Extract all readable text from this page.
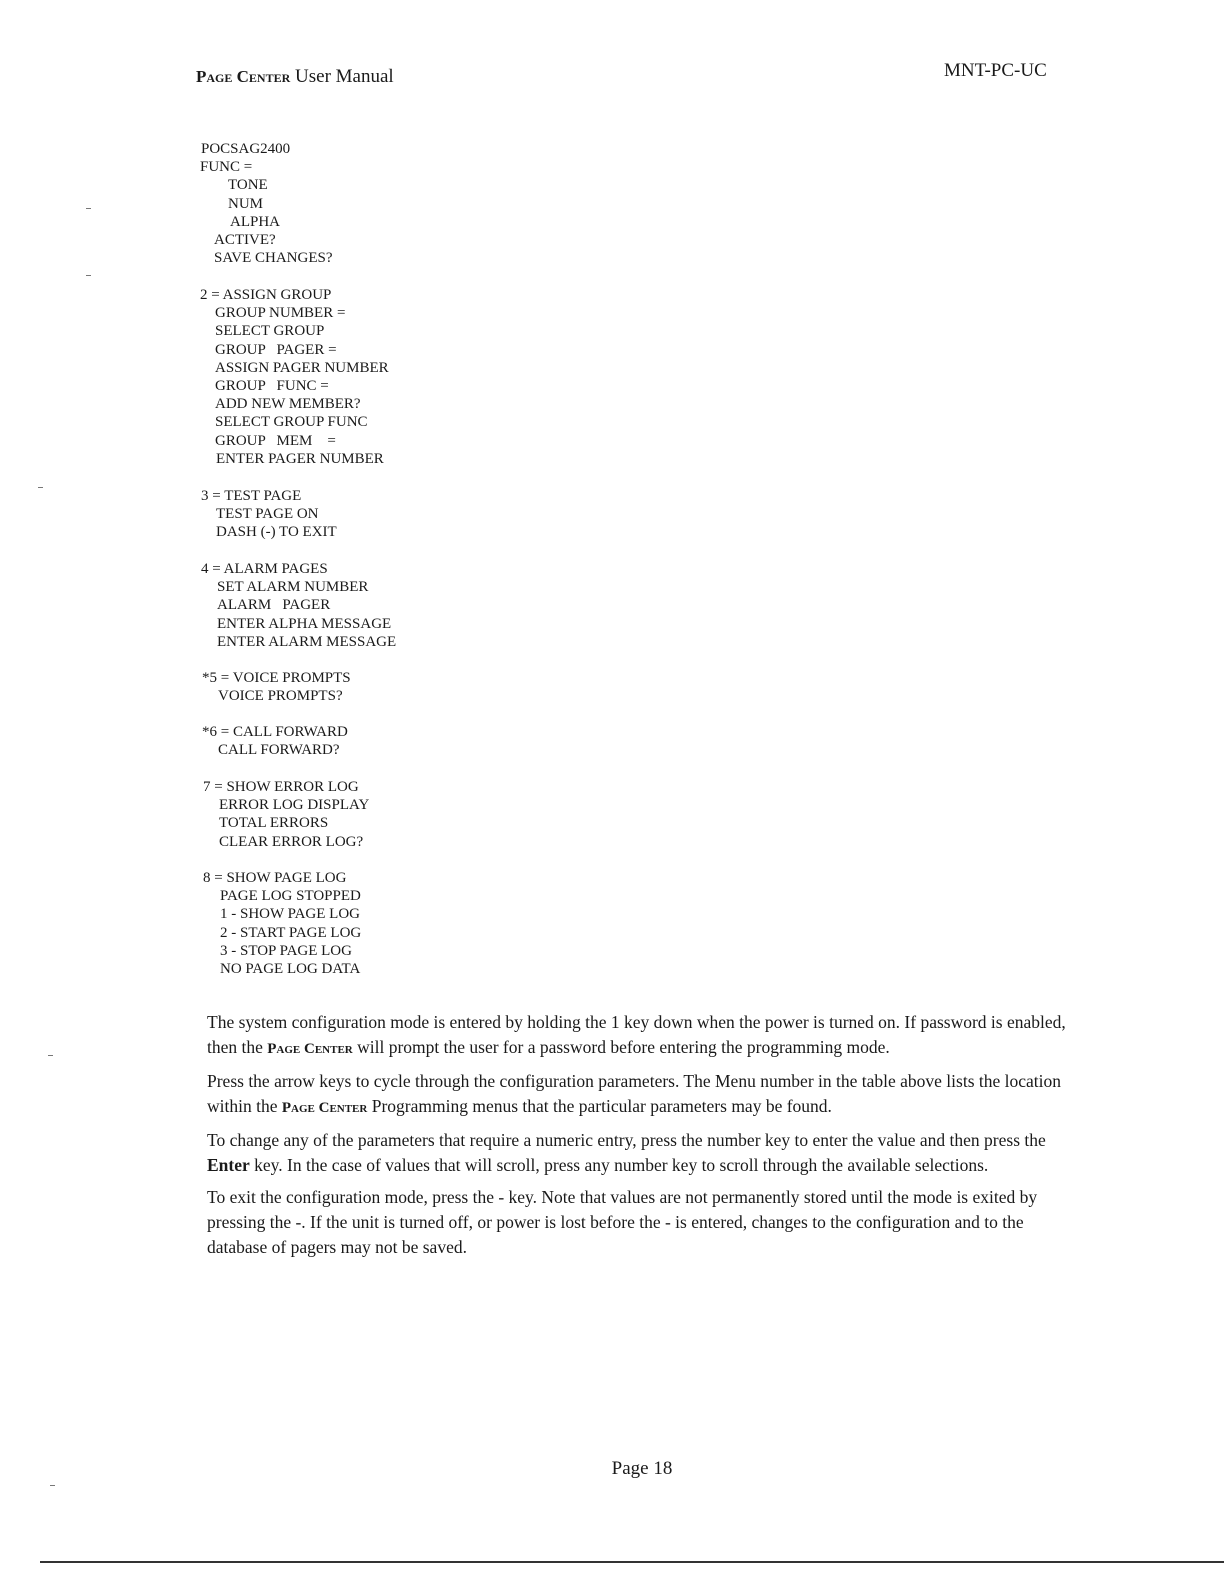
Page Center User Manual	MNT-PC-UC
POCSAG2400
FUNC =
TONE
NUM
ALPHA
ACTIVE?
SAVE CHANGES?
2 = ASSIGN GROUP
GROUP NUMBER =
SELECT GROUP
GROUP   PAGER =
ASSIGN PAGER NUMBER
GROUP   FUNC =
ADD NEW MEMBER?
SELECT GROUP FUNC
GROUP   MEM    =
ENTER PAGER NUMBER
3 = TEST PAGE
TEST PAGE ON
DASH (-) TO EXIT
4 = ALARM PAGES
SET ALARM NUMBER
ALARM   PAGER
ENTER ALPHA MESSAGE
ENTER ALARM MESSAGE
*5 = VOICE PROMPTS
VOICE PROMPTS?
*6 = CALL FORWARD
CALL FORWARD?
7 = SHOW ERROR LOG
ERROR LOG DISPLAY
TOTAL ERRORS
CLEAR ERROR LOG?
8 = SHOW PAGE LOG
PAGE LOG STOPPED
1 - SHOW PAGE LOG
2 - START PAGE LOG
3 - STOP PAGE LOG
NO PAGE LOG DATA

The system configuration mode is entered by holding the 1 key down when the power is turned on. If password is enabled, then the Page Center will prompt the user for a password before entering the programming mode.

Press the arrow keys to cycle through the configuration parameters. The Menu number in the table above lists the location within the Page Center Programming menus that the particular parameters may be found.

To change any of the parameters that require a numeric entry, press the number key to enter the value and then press the Enter key. In the case of values that will scroll, press any number key to scroll through the available selections.

To exit the configuration mode, press the - key. Note that values are not permanently stored until the mode is exited by pressing the -. If the unit is turned off, or power is lost before the - is entered, changes to the configuration and to the database of pagers may not be saved.

Page 18
